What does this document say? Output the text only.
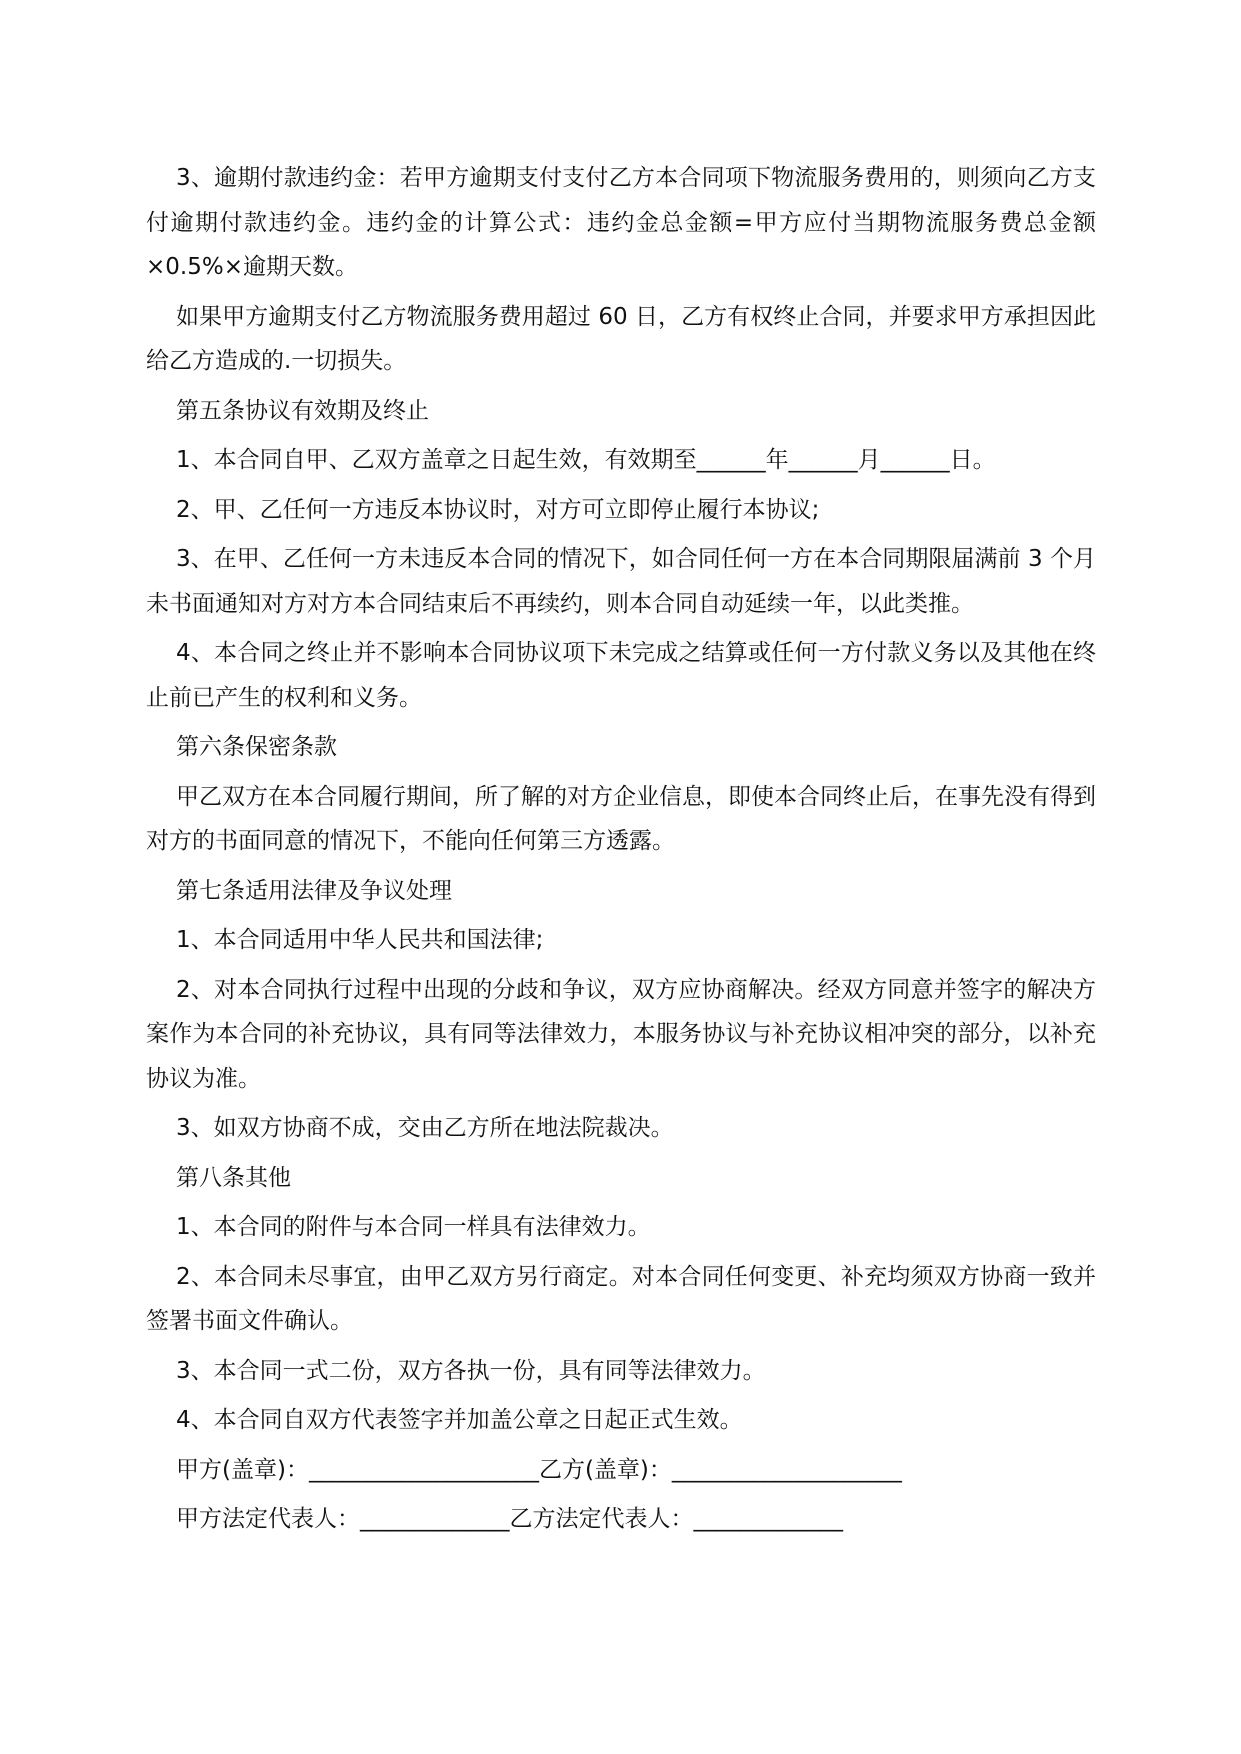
3、逾期付款违约金：若甲方逾期支付支付乙方本合同项下物流服务费用的，则须向乙方支付逾期付款违约金。违约金的计算公式：违约金总金额=甲方应付当期物流服务费总金额×0.5%×逾期天数。

如果甲方逾期支付乙方物流服务费用超过 60 日，乙方有权终止合同，并要求甲方承担因此给乙方造成的.一切损失。

第五条协议有效期及终止

1、本合同自甲、乙双方盖章之日起生效，有效期至______年______月______日。

2、甲、乙任何一方违反本协议时，对方可立即停止履行本协议;

3、在甲、乙任何一方未违反本合同的情况下，如合同任何一方在本合同期限届满前 3 个月未书面通知对方对方本合同结束后不再续约，则本合同自动延续一年，以此类推。

4、本合同之终止并不影响本合同协议项下未完成之结算或任何一方付款义务以及其他在终止前已产生的权利和义务。

第六条保密条款

甲乙双方在本合同履行期间，所了解的对方企业信息，即使本合同终止后，在事先没有得到对方的书面同意的情况下，不能向任何第三方透露。

第七条适用法律及争议处理

1、本合同适用中华人民共和国法律;

2、对本合同执行过程中出现的分歧和争议，双方应协商解决。经双方同意并签字的解决方案作为本合同的补充协议，具有同等法律效力，本服务协议与补充协议相冲突的部分，以补充协议为准。

3、如双方协商不成，交由乙方所在地法院裁决。

第八条其他

1、本合同的附件与本合同一样具有法律效力。

2、本合同未尽事宜，由甲乙双方另行商定。对本合同任何变更、补充均须双方协商一致并签署书面文件确认。

3、本合同一式二份，双方各执一份，具有同等法律效力。

4、本合同自双方代表签字并加盖公章之日起正式生效。

甲方(盖章)：____________________乙方(盖章)：____________________

甲方法定代表人：_____________乙方法定代表人：_____________
